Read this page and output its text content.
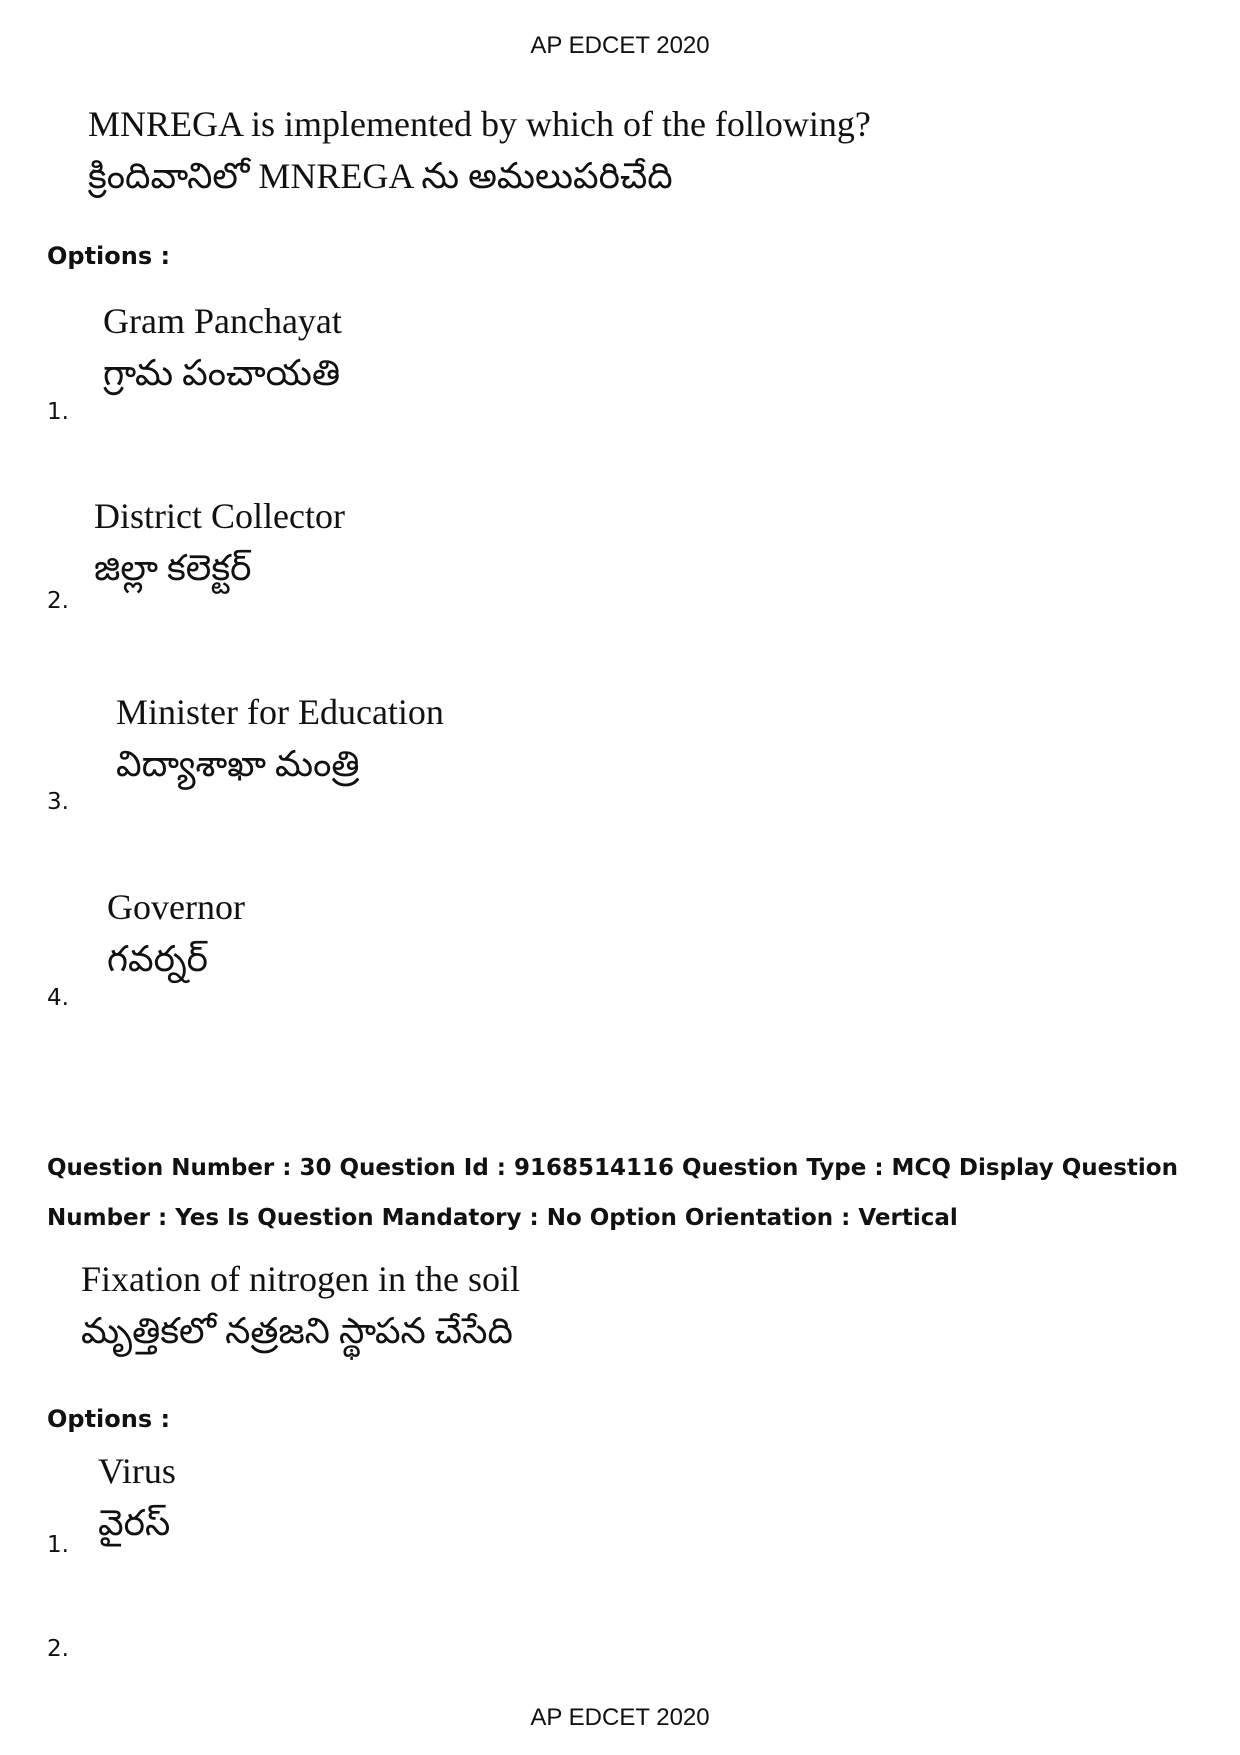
AP EDCET 2020
MNREGA is implemented by which of the following?
క్రిందివానిలో MNREGA ను అమలుపరిచేది
Options :
Gram Panchayat
గ్రామ పంచాయతి
1.
District Collector
జిల్లా కలెక్టర్
2.
Minister for Education
విద్యాశాఖా మంత్రి
3.
Governor
గవర్నర్
4.
Question Number : 30 Question Id : 9168514116 Question Type : MCQ Display Question
Number : Yes Is Question Mandatory : No Option Orientation : Vertical
Fixation of nitrogen in the soil
మృత్తికలో నత్రజని స్థాపన చేసేది
Options :
Virus
వైరస్
1.
2.
AP EDCET 2020
